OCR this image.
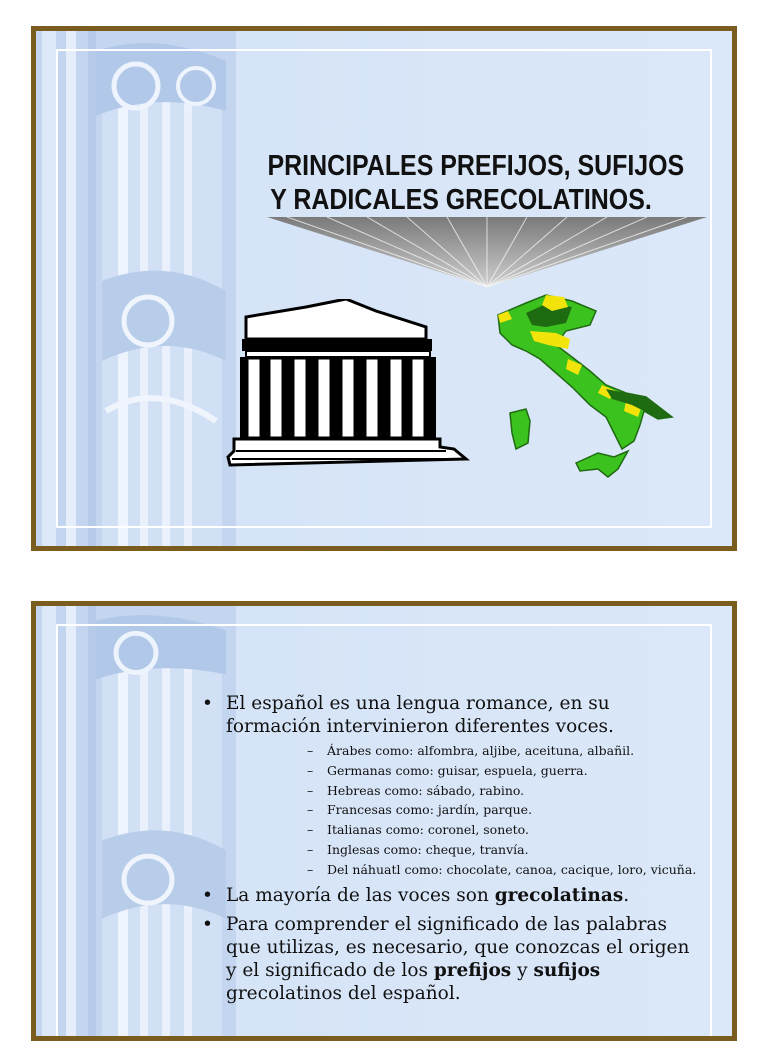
PRINCIPALES PREFIJOS, SUFIJOS
Y RADICALES GRECOLATINOS.
• El español es una lengua romance, en su formación intervinieron diferentes voces.
– Árabes como: alfombra, aljibe, aceituna, albañil.
– Germanas como: guisar, espuela, guerra.
– Hebreas como: sábado, rabino.
– Francesas como: jardín, parque.
– Italianas como: coronel, soneto.
– Inglesas como: cheque, tranvía.
– Del náhuatl como: chocolate, canoa, cacique, loro, vicuña.
• La mayoría de las voces son grecolatinas.
• Para comprender el significado de las palabras que utilizas, es necesario, que conozcas el origen y el significado de los prefijos y sufijos grecolatinos del español.
